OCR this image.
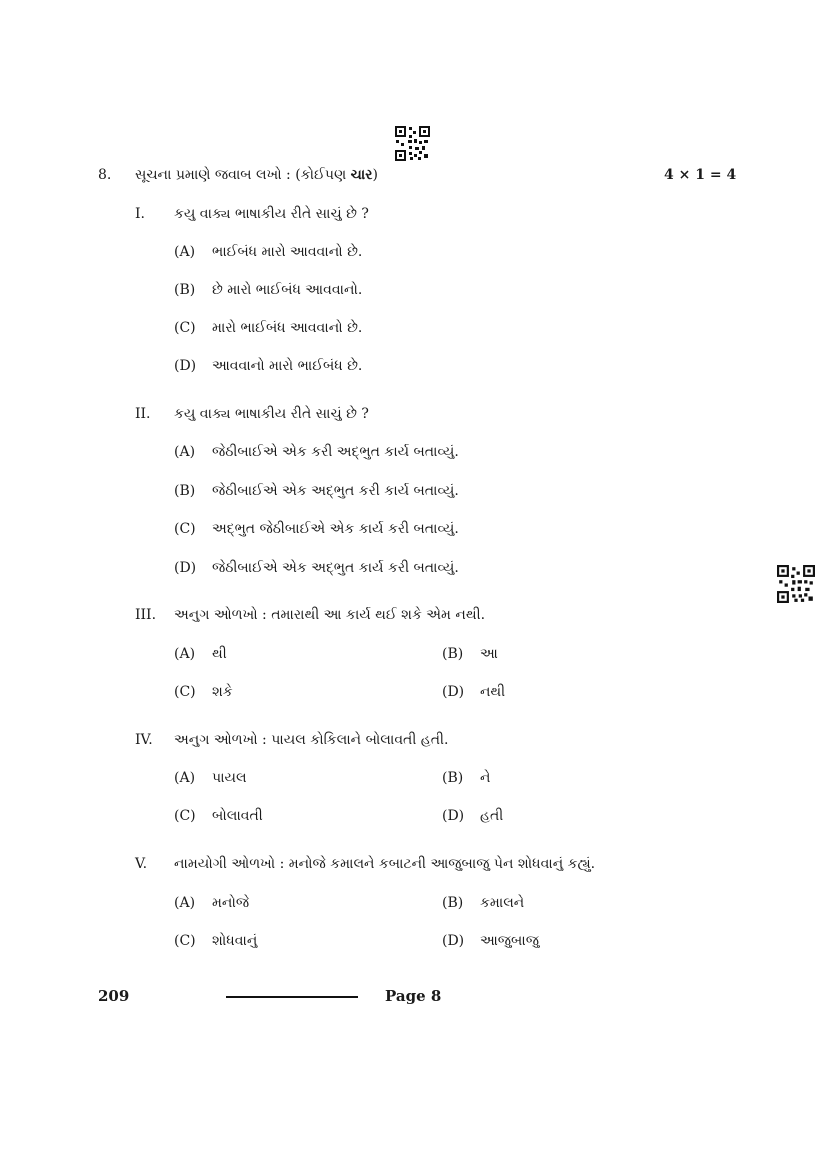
8. સૂચના પ્રમાણે જવાબ લખો : (કોઈપણ ચાર)	4 × 1 = 4
I. કયુ વાક્ય ભાષાકીય રીતે સાચું છે ?
(A) ભાઈબંધ મારો આવવાનો છે.
(B) છે મારો ભાઈબંધ આવવાનો.
(C) મારો ભાઈબંધ આવવાનો છે.
(D) આવવાનો મારો ભાઈબંધ છે.
II. કયુ વાક્ય ભાષાકીય રીતે સાચું છે ?
(A) જેઠીબાઈએ એક કરી અદ્ભુત કાર્ય બતાવ્યું.
(B) જેઠીબાઈએ એક અદ્ભુત કરી કાર્ય બતાવ્યું.
(C) અદ્ભુત જેઠીબાઈએ એક કાર્ય કરી બતાવ્યું.
(D) જેઠીબાઈએ એક અદ્ભુત કાર્ય કરી બતાવ્યું.
III. અનુગ ઓળખો : તમારાથી આ કાર્ય થઈ શકે એમ નથી.
(A) થી	(B) આ
(C) શકે	(D) નથી
IV. અનુગ ઓળખો : પાયલ કોકિલાને બોલાવતી હતી.
(A) પાયલ	(B) ને
(C) બોલાવતી	(D) હતી
V. નામયોગી ઓળખો : મનોજે કમાલને કબાટની આજુબાજુ પેન શોધવાનું કહ્યું.
(A) મનોજે	(B) કમાલને
(C) શોધવાનું	(D) આજુબાજુ
209	Page 8
